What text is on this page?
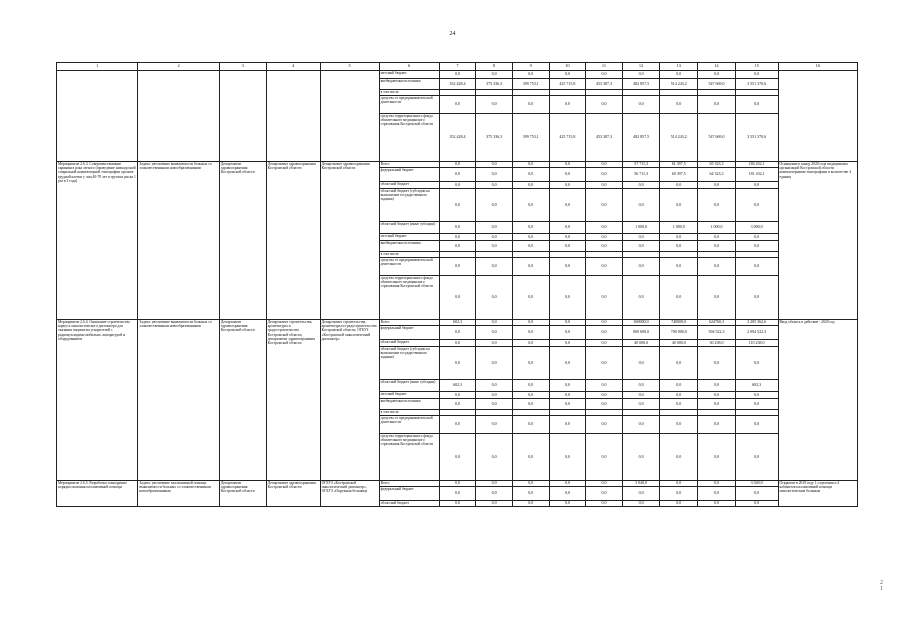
24
1	2	3	4	5	6	7	8	9	10	11	12	13	14	15	16
					местный бюджет	0,0	0,0	0,0	0,0	0,0	0,0	0,0	0,0	0,0	
					внебюджетные источники	352 428,4	375 336,3	399 753,1	425 715,8	453 387,3	482 857,5	514 243,2	547 669,0	3 551 370,6	
					в том числе:										
					средства от предпринимательской деятельности	0,0	0,0	0,0	0,0	0,0	0,0	0,0	0,0	0,0	
					средства территориального фонда обязательного медицинского страхования Костромской области	352 428,4	375 336,3	399 753,1	425 715,8	453 387,3	482 857,5	514 243,2	547 669,0	3 551 370,6	
Мероприятие 2.6.3. Совершенствование скрининга рака легкого (проведение низкодозной спиральной компьютерной томографии органов грудной клетки у лиц 40-70 лет в группах риска 1 раз в 3 года)	Задача: увеличение выявляемости больных со злокачественными новообразованиями	Департамент здравоохранения Костромской области	Департамент здравоохранения Костромской области	Департамент здравоохранения Костромской области	Всего	0,0	0,0	0,0	0,0	0,0	57 711,3	61 397,5	65 323,3	184 432,1	Оснащение к концу 2020 года медицинских организаций Костромской области компьютерными томографами в количестве 4 единиц
					федеральный бюджет	0,0	0,0	0,0	0,0	0,0	56 711,3	60 397,5	64 323,3	181 432,1	
					областной бюджет	0,0	0,0	0,0	0,0	0,0	0,0	0,0	0,0	0,0	
					областной бюджет (субсидии на выполнение государственного задания)	0,0	0,0	0,0	0,0	0,0	0,0	0,0	0,0	0,0	
					областной бюджет (иные субсидии)	0,0	0,0	0,0	0,0	0,0	1 000,0	1 000,0	1 000,0	3 000,0	
					местный бюджет	0,0	0,0	0,0	0,0	0,0	0,0	0,0	0,0	0,0	
					внебюджетные источники	0,0	0,0	0,0	0,0	0,0	0,0	0,0	0,0	0,0	
					в том числе:										
					средства от предпринимательской деятельности	0,0	0,0	0,0	0,0	0,0	0,0	0,0	0,0	0,0	
					средства территориального фонда обязательного медицинского страхования Костромской области	0,0	0,0	0,0	0,0	0,0	0,0	0,0	0,0	0,0	
Мероприятие 2.6.4. Окончание строительства корпуса онкологического диспансера для оказания пациентам ускорителей с радионуклидами мобильно, аппаратурой и оборудованием	Задача: увеличение выявляемости больных со злокачественными новообразованиями	Департамент здравоохранения Костромской области	Департамент строительства, архитектуры и градостроительства Костромской области, департамент здравоохранения Костромской области	Департамент строительства, архитектуры и градостроительства Костромской области, ОГБУЗ «Костромской онкологический диспансер»	Всего	602,3	0,0	0,0	0,0	0,0	840000,0	740000,0	624760,3	2 205 362,6	Ввод объекта в действие - 2020 год
					федеральный бюджет	0,0	0,0	0,0	0,0	0,0	800 000,0	700 000,0	594 522,3	2 094 522,3	
					областной бюджет	0,0	0,0	0,0	0,0	0,0	40 000,0	40 000,0	30 238,0	110 238,0	
					областной бюджет (субсидии на выполнение государственного задания)	0,0	0,0	0,0	0,0	0,0	0,0	0,0	0,0	0,0	
					областной бюджет (иные субсидии)	602,3	0,0	0,0	0,0	0,0	0,0	0,0	0,0	602,3	
					местный бюджет	0,0	0,0	0,0	0,0	0,0	0,0	0,0	0,0	0,0	
					внебюджетные источники	0,0	0,0	0,0	0,0	0,0	0,0	0,0	0,0	0,0	
					в том числе:										
					средства от предпринимательской деятельности	0,0	0,0	0,0	0,0	0,0	0,0	0,0	0,0	0,0	
					средства территориального фонда обязательного медицинского страхования Костромской области	0,0	0,0	0,0	0,0	0,0	0,0	0,0	0,0	0,0	
Мероприятие 2.6.5. Разработка и внедрение порядка оказания паллиативной помощи	Задача: увеличение паллиативной помощи выявляемости больных со злокачественными новообразованиями	Департамент здравоохранения Костромской области	Департамент здравоохранения Костромской области	ОГБУЗ «Костромской онкологический диспансер», ОГБУЗ «Окружная больница	Всего	0,0	0,0	0,0	0,0	0,0	3 040,0	0,0	0,0	3 040,0	Открытие в 2018 году 1 отделения и 4 кабинетов паллиативной помощи онкологическим больным
					федеральный бюджет	0,0	0,0	0,0	0,0	0,0	0,0	0,0	0,0	0,0	
					областной бюджет	0,0	0,0	0,0	0,0	0,0	0,0	0,0	0,0	0,0	
2
1
